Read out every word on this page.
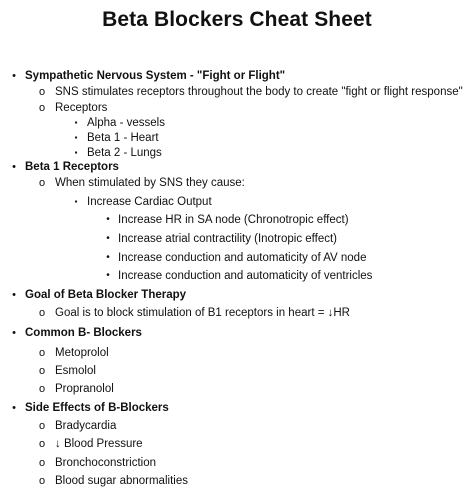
Beta Blockers Cheat Sheet
• Sympathetic Nervous System - "Fight or Flight"
o SNS stimulates receptors throughout the body to create "fight or flight response"
o Receptors
▪ Alpha - vessels
▪ Beta 1 - Heart
▪ Beta 2 - Lungs
• Beta 1 Receptors
o When stimulated by SNS they cause:
▪ Increase Cardiac Output
• Increase HR in SA node (Chronotropic effect)
• Increase atrial contractility (Inotropic effect)
• Increase conduction and automaticity of AV node
• Increase conduction and automaticity of ventricles
• Goal of Beta Blocker Therapy
o Goal is to block stimulation of B1 receptors in heart = ↓HR
• Common B- Blockers
o Metoprolol
o Esmolol
o Propranolol
• Side Effects of B-Blockers
o Bradycardia
o ↓ Blood Pressure
o Bronchoconstriction
o Blood sugar abnormalities
